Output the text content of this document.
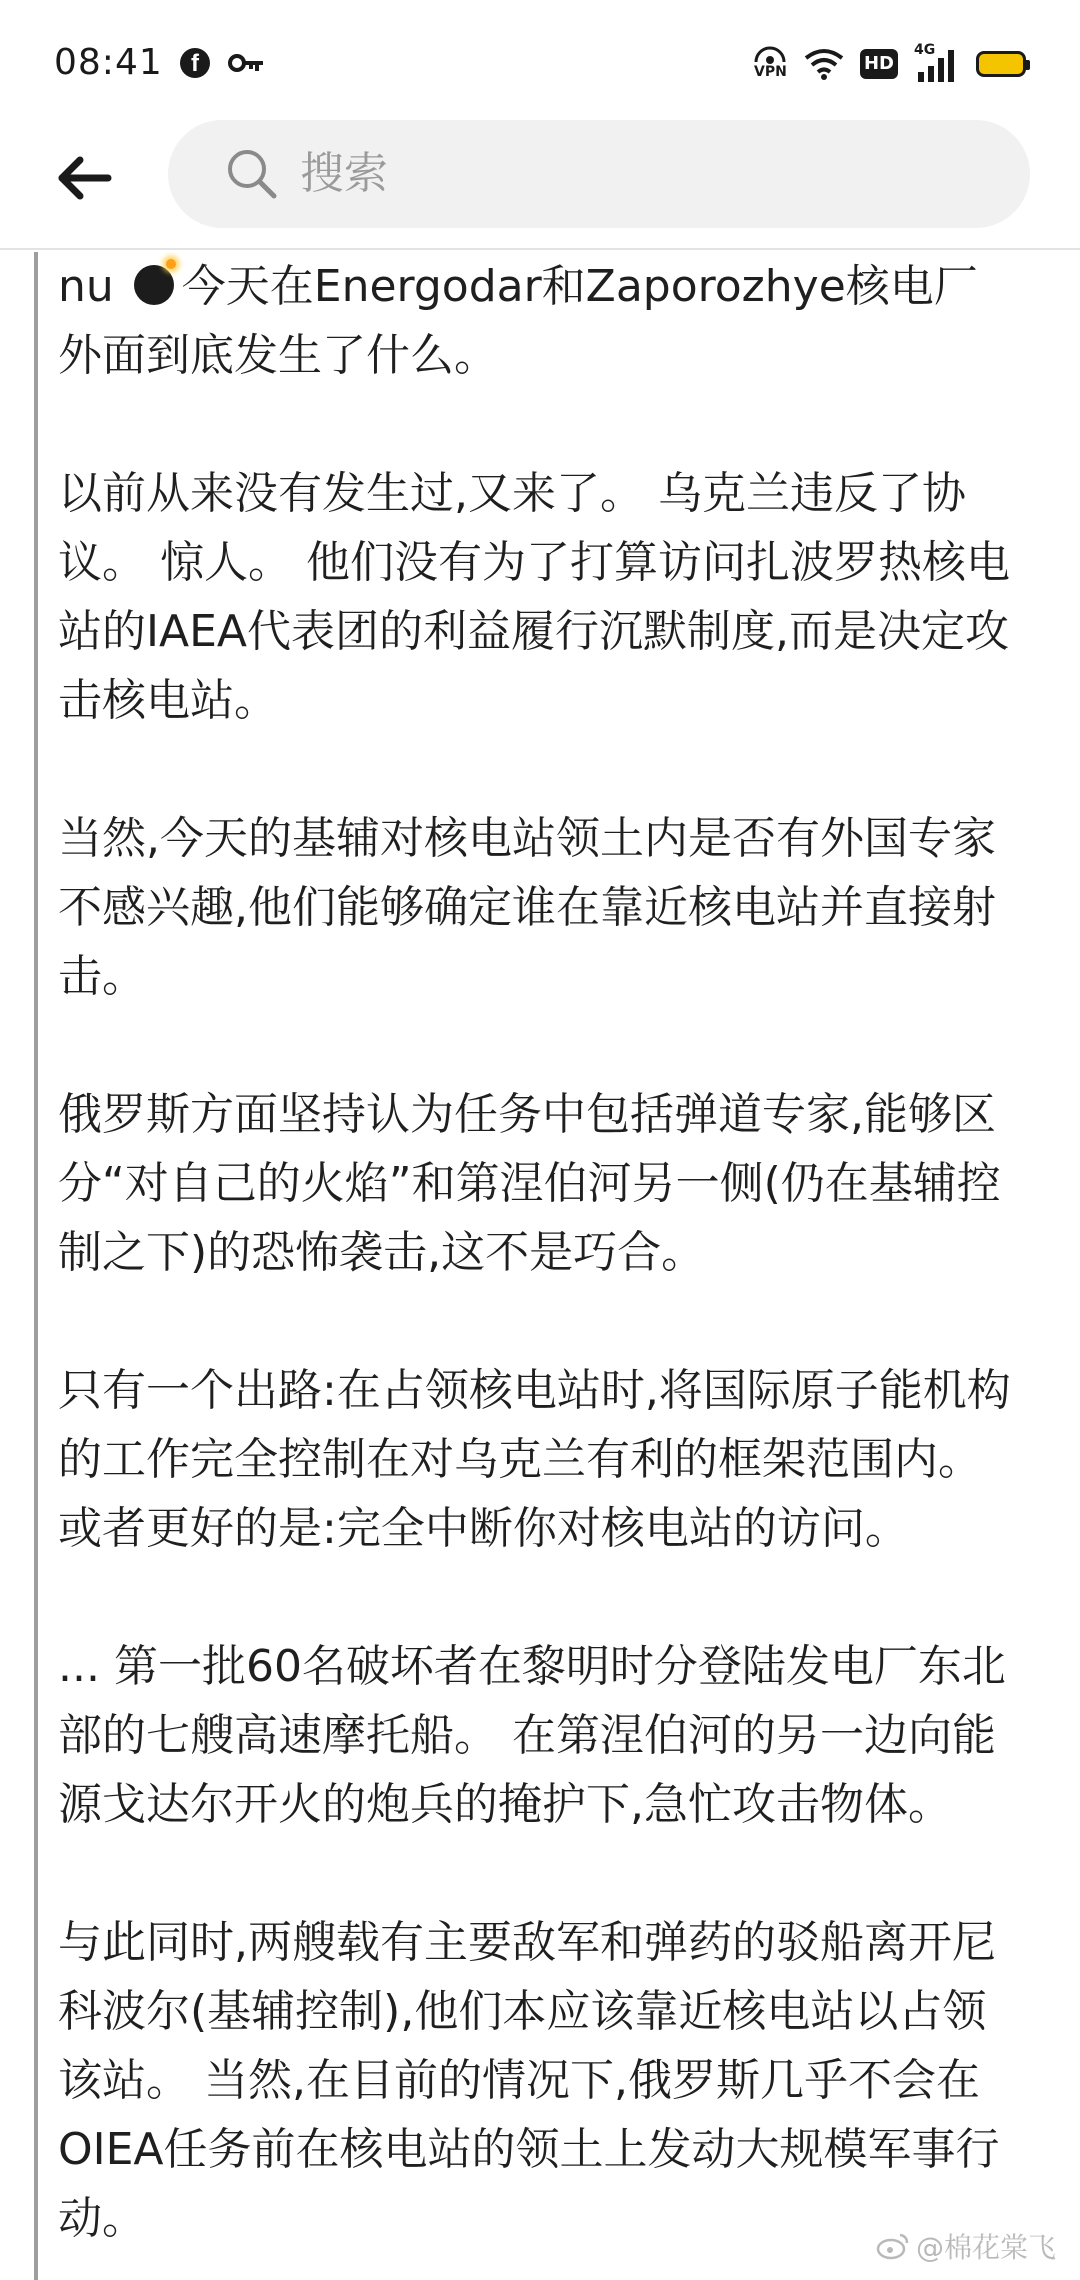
08:41	f	VPN	HD
4G
搜索

nu 今天在Energodar和Zaporozhye核电厂外面到底发生了什么。

以前从来没有发生过,又来了。 乌克兰违反了协议。 惊人。 他们没有为了打算访问扎波罗热核电站的IAEA代表团的利益履行沉默制度,而是决定攻击核电站。

当然,今天的基辅对核电站领土内是否有外国专家不感兴趣,他们能够确定谁在靠近核电站并直接射击。

俄罗斯方面坚持认为任务中包括弹道专家,能够区分“对自己的火焰”和第涅伯河另一侧(仍在基辅控制之下)的恐怖袭击,这不是巧合。

只有一个出路:在占领核电站时,将国际原子能机构的工作完全控制在对乌克兰有利的框架范围内。 或者更好的是:完全中断你对核电站的访问。

... 第一批60名破坏者在黎明时分登陆发电厂东北部的七艘高速摩托船。 在第涅伯河的另一边向能源戈达尔开火的炮兵的掩护下,急忙攻击物体。

与此同时,两艘载有主要敌军和弹药的驳船离开尼科波尔(基辅控制),他们本应该靠近核电站以占领该站。 当然,在目前的情况下,俄罗斯几乎不会在OIEA任务前在核电站的领土上发动大规模军事行动。

@棉花棠飞
